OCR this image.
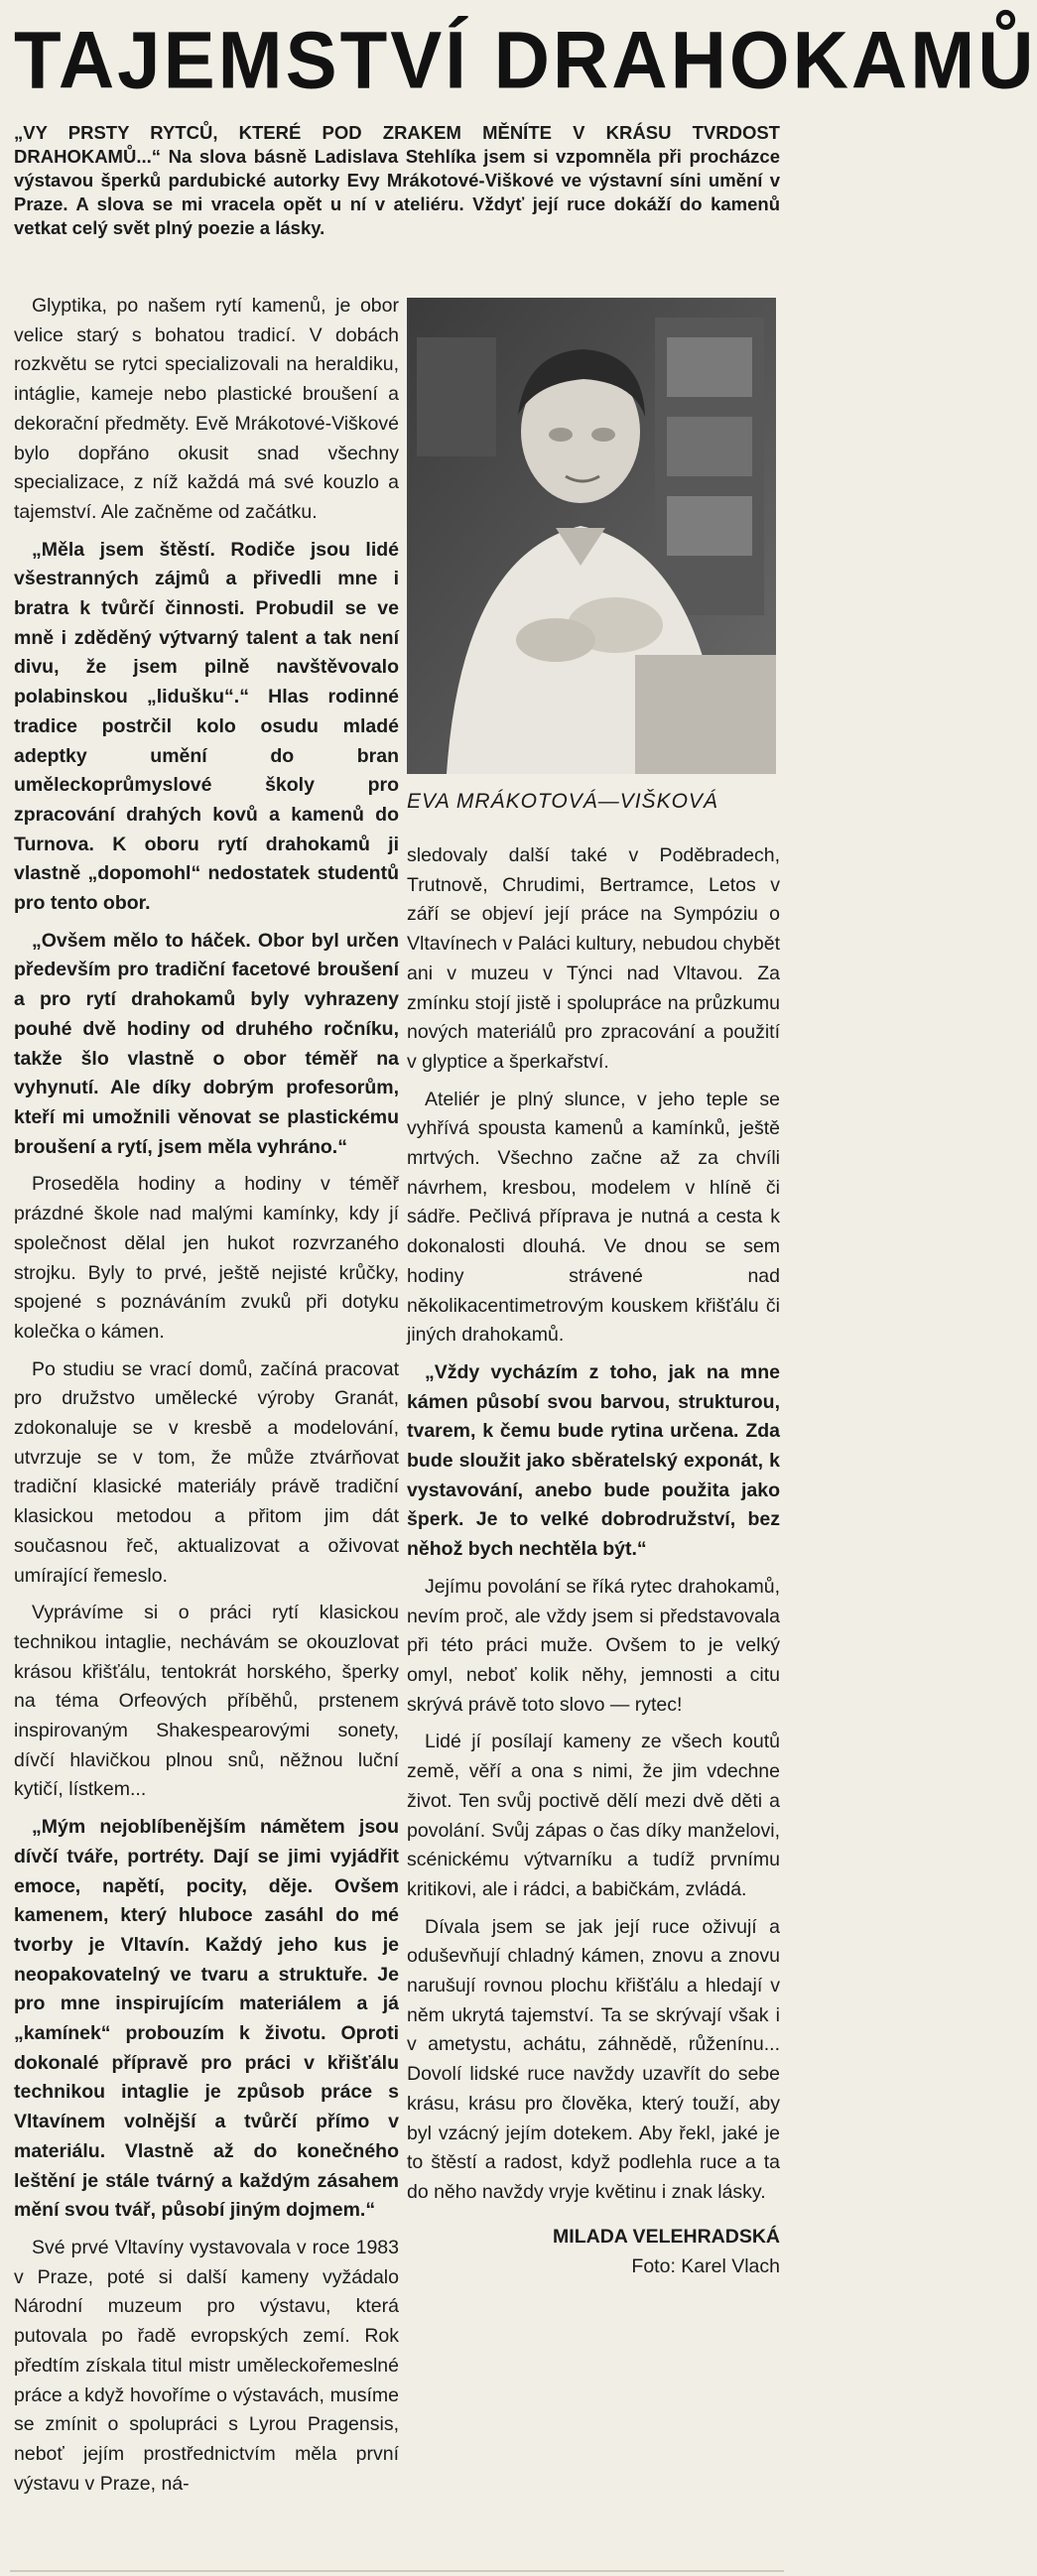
TAJEMSTVÍ DRAHOKAMŮ

„VY PRSTY RYTCŮ, KTERÉ POD ZRAKEM MĚNÍTE V KRÁSU TVRDOST DRAHOKAMŮ...“ Na slova básně Ladislava Stehlíka jsem si vzpomněla při procházce výstavou šperků pardubické autorky Evy Mrákotové-Viškové ve výstavní síni umění v Praze. A slova se mi vracela opět u ní v ateliéru. Vždyť její ruce dokáží do kamenů vetkat celý svět plný poezie a lásky.

Glyptika, po našem rytí kamenů, je obor velice starý s bohatou tradicí. V dobách rozkvětu se rytci specializovali na heraldiku, intáglie, kameje nebo plastické broušení a dekorační předměty. Evě Mrákotové-Viškové bylo dopřáno okusit snad všechny specializace, z níž každá má své kouzlo a tajemství. Ale začněme od začátku.

„Měla jsem štěstí. Rodiče jsou lidé všestranných zájmů a přivedli mne i bratra k tvůrčí činnosti. Probudil se ve mně i zděděný výtvarný talent a tak není divu, že jsem pilně navštěvovalo polabinskou „lidušku“.“ Hlas rodinné tradice postrčil kolo osudu mladé adeptky umění do bran uměleckoprůmyslové školy pro zpracování drahých kovů a kamenů do Turnova. K oboru rytí drahokamů ji vlastně „dopomohl“ nedostatek studentů pro tento obor.

„Ovšem mělo to háček. Obor byl určen především pro tradiční facetové broušení a pro rytí drahokamů byly vyhrazeny pouhé dvě hodiny od druhého ročníku, takže šlo vlastně o obor téměř na vyhynutí. Ale díky dobrým profesorům, kteří mi umožnili věnovat se plastickému broušení a rytí, jsem měla vyhráno.“

Proseděla hodiny a hodiny v téměř prázdné škole nad malými kamínky, kdy jí společnost dělal jen hukot rozvrzaného strojku. Byly to prvé, ještě nejisté krůčky, spojené s poznáváním zvuků při dotyku kolečka o kámen.

Po studiu se vrací domů, začíná pracovat pro družstvo umělecké výroby Granát, zdokonaluje se v kresbě a modelování, utvrzuje se v tom, že může ztvárňovat tradiční klasické materiály právě tradiční klasickou metodou a přitom jim dát současnou řeč, aktualizovat a oživovat umírající řemeslo.

Vyprávíme si o práci rytí klasickou technikou intaglie, nechávám se okouzlovat krásou křišťálu, tentokrát horského, šperky na téma Orfeových příběhů, prstenem inspirovaným Shakespearovými sonety, dívčí hlavičkou plnou snů, něžnou luční kytičí, lístkem...

„Mým nejoblíbenějším námětem jsou dívčí tváře, portréty. Dají se jimi vyjádřit emoce, napětí, pocity, děje. Ovšem kamenem, který hluboce zasáhl do mé tvorby je Vltavín. Každý jeho kus je neopakovatelný ve tvaru a struktuře. Je pro mne inspirujícím materiálem a já „kamínek“ probouzím k životu. Oproti dokonalé přípravě pro práci v křišťálu technikou intaglie je způsob práce s Vltavínem volnější a tvůrčí přímo v materiálu. Vlastně až do konečného leštění je stále tvárný a každým zásahem mění svou tvář, působí jiným dojmem.“

Své prvé Vltavíny vystavovala v roce 1983 v Praze, poté si další kameny vyžádalo Národní muzeum pro výstavu, která putovala po řadě evropských zemí. Rok předtím získala titul mistr uměleckořemeslné práce a když hovoříme o výstavách, musíme se zmínit o spolupráci s Lyrou Pragensis, neboť jejím prostřednictvím měla první výstavu v Praze, ná-

EVA MRÁKOTOVÁ—VIŠKOVÁ

sledovaly další také v Poděbradech, Trutnově, Chrudimi, Bertramce, Letos v září se objeví její práce na Sympóziu o Vltavínech v Paláci kultury, nebudou chybět ani v muzeu v Týnci nad Vltavou. Za zmínku stojí jistě i spolupráce na průzkumu nových materiálů pro zpracování a použití v glyptice a šperkařství.

Ateliér je plný slunce, v jeho teple se vyhřívá spousta kamenů a kamínků, ještě mrtvých. Všechno začne až za chvíli návrhem, kresbou, modelem v hlíně či sádře. Pečlivá příprava je nutná a cesta k dokonalosti dlouhá. Ve dnou se sem hodiny strávené nad několikacentimetrovým kouskem křišťálu či jiných drahokamů.

„Vždy vycházím z toho, jak na mne kámen působí svou barvou, strukturou, tvarem, k čemu bude rytina určena. Zda bude sloužit jako sběratelský exponát, k vystavování, anebo bude použita jako šperk. Je to velké dobrodružství, bez něhož bych nechtěla být.“

Jejímu povolání se říká rytec drahokamů, nevím proč, ale vždy jsem si představovala při této práci muže. Ovšem to je velký omyl, neboť kolik něhy, jemnosti a citu skrývá právě toto slovo — rytec!

Lidé jí posílají kameny ze všech koutů země, věří a ona s nimi, že jim vdechne život. Ten svůj poctivě dělí mezi dvě děti a povolání. Svůj zápas o čas díky manželovi, scénickému výtvarníku a tudíž prvnímu kritikovi, ale i rádci, a babičkám, zvládá.

Dívala jsem se jak její ruce oživují a oduševňují chladný kámen, znovu a znovu narušují rovnou plochu křišťálu a hledají v něm ukrytá tajemství. Ta se skrývají však i v ametystu, achátu, záhnědě, růženínu... Dovolí lidské ruce navždy uzavřít do sebe krásu, krásu pro člověka, který touží, aby byl vzácný jejím dotekem. Aby řekl, jaké je to štěstí a radost, když podlehla ruce a ta do něho navždy vryje květinu i znak lásky.

MILADA VELEHRADSKÁ
Foto: Karel Vlach
